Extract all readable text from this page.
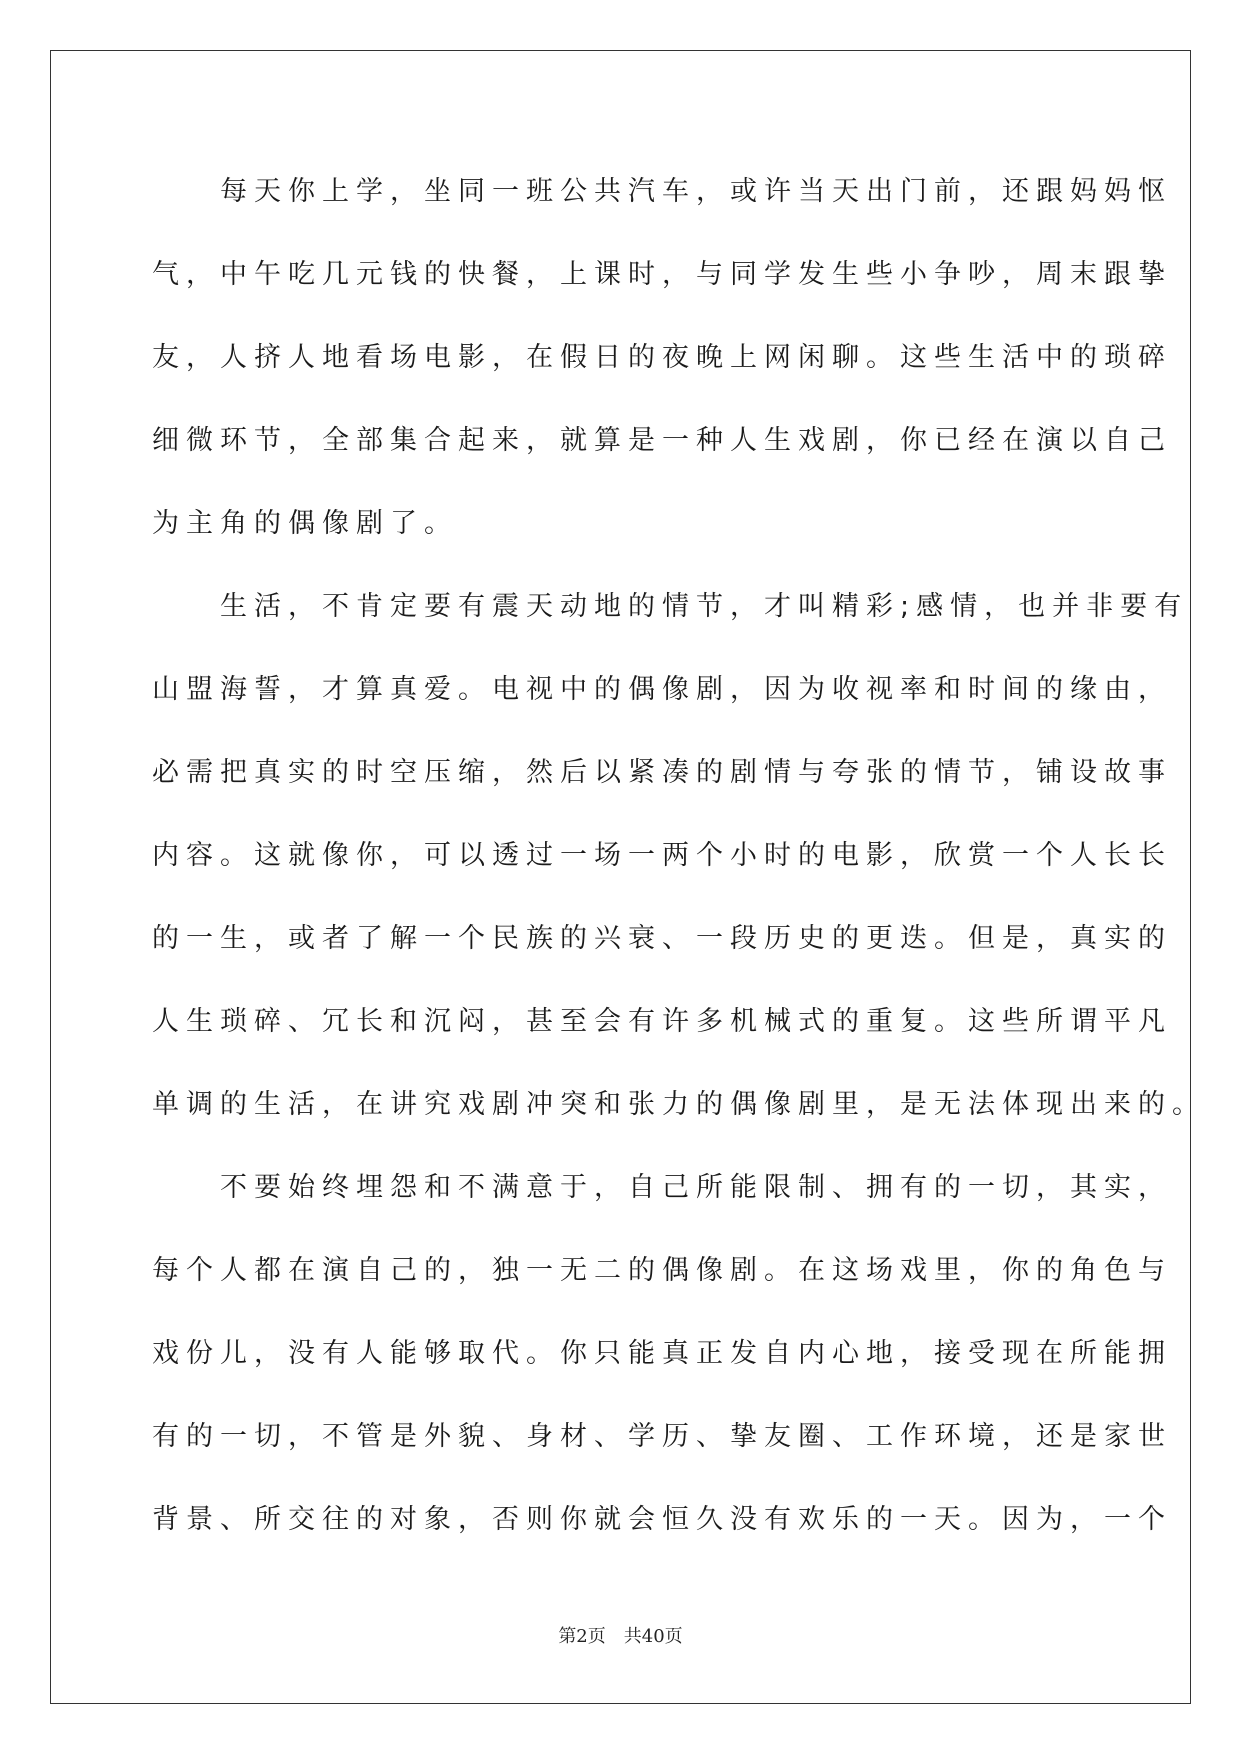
　　每天你上学，坐同一班公共汽车，或许当天出门前，还跟妈妈怄
气，中午吃几元钱的快餐，上课时，与同学发生些小争吵，周末跟挚
友，人挤人地看场电影，在假日的夜晚上网闲聊。这些生活中的琐碎
细微环节，全部集合起来，就算是一种人生戏剧，你已经在演以自己
为主角的偶像剧了。
　　生活，不肯定要有震天动地的情节，才叫精彩;感情，也并非要有
山盟海誓，才算真爱。电视中的偶像剧，因为收视率和时间的缘由，
必需把真实的时空压缩，然后以紧凑的剧情与夸张的情节，铺设故事
内容。这就像你，可以透过一场一两个小时的电影，欣赏一个人长长
的一生，或者了解一个民族的兴衰、一段历史的更迭。但是，真实的
人生琐碎、冗长和沉闷，甚至会有许多机械式的重复。这些所谓平凡
单调的生活，在讲究戏剧冲突和张力的偶像剧里，是无法体现出来的。
　　不要始终埋怨和不满意于，自己所能限制、拥有的一切，其实，
每个人都在演自己的，独一无二的偶像剧。在这场戏里，你的角色与
戏份儿，没有人能够取代。你只能真正发自内心地，接受现在所能拥
有的一切，不管是外貌、身材、学历、挚友圈、工作环境，还是家世
背景、所交往的对象，否则你就会恒久没有欢乐的一天。因为，一个
第2页　共40页
